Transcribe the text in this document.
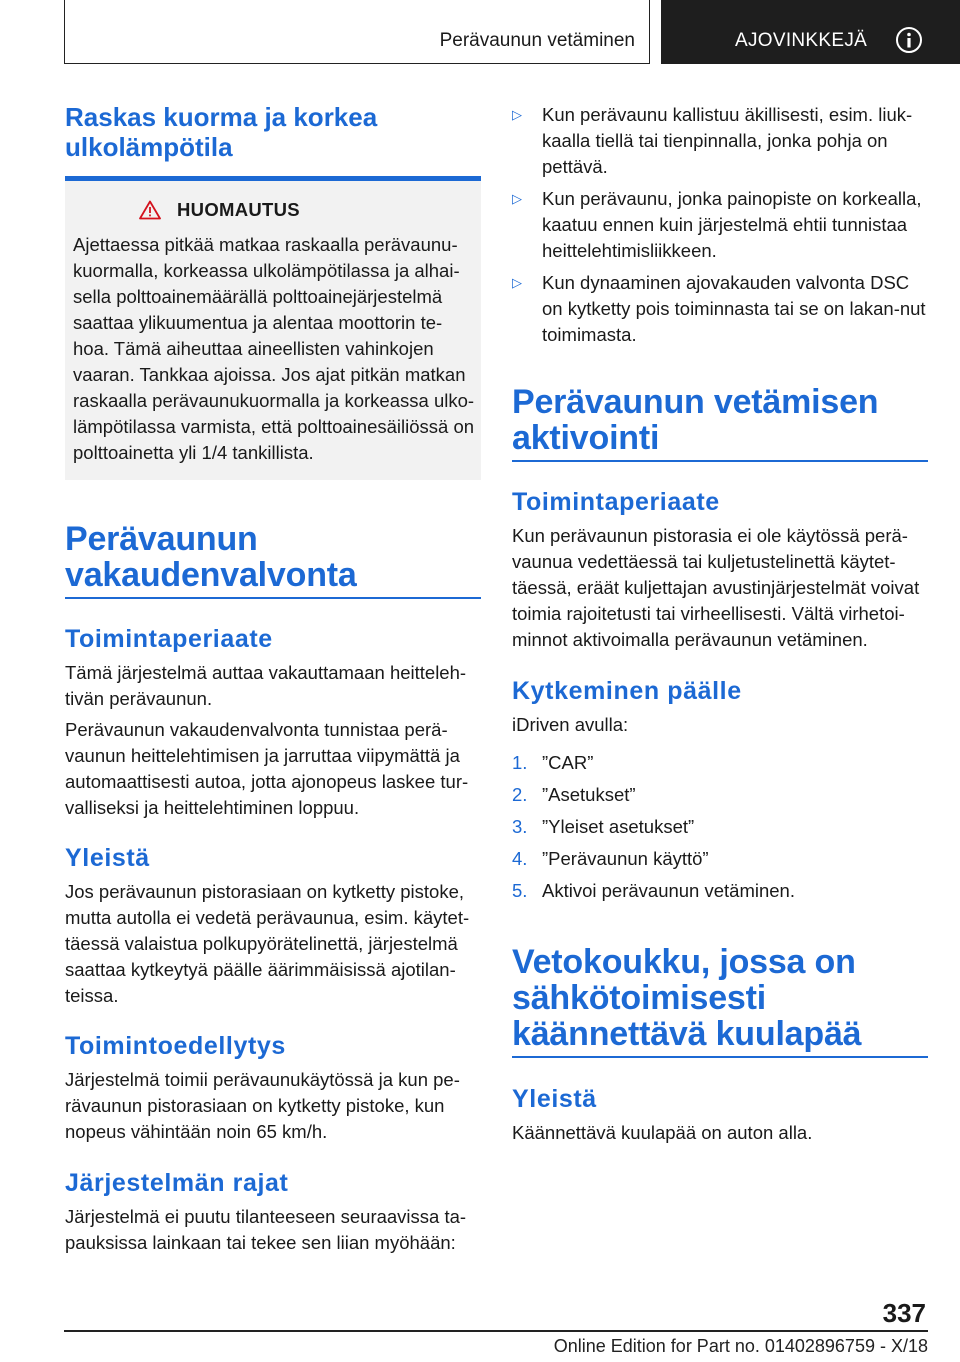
Perävaunun vetäminen	AJOVINKKEJÄ
Raskas kuorma ja korkea ulkolämpötila
HUOMAUTUS
Ajettaessa pitkää matkaa raskaalla perävaunu-kuormalla, korkeassa ulkolämpötilassa ja alhai-sella polttoainemäärällä polttoainejärjestelmä saattaa ylikuumentua ja alentaa moottorin te-hoa. Tämä aiheuttaa aineellisten vahinkojen vaaran. Tankkaa ajoissa. Jos ajat pitkän matkan raskaalla perävaunukuormalla ja korkeassa ulko-lämpötilassa varmista, että polttoainesäiliössä on polttoainetta yli 1/4 tankillista.
Perävaunun vakaudenvalvonta
Toimintaperiaate
Tämä järjestelmä auttaa vakauttamaan heitteleh-tivän perävaunun.
Perävaunun vakaudenvalvonta tunnistaa perä-vaunun heittelehtimisen ja jarruttaa viipymättä ja automaattisesti autoa, jotta ajonopeus laskee tur-valliseksi ja heittelehtiminen loppuu.
Yleistä
Jos perävaunun pistorasiaan on kytketty pistoke, mutta autolla ei vedetä perävaunua, esim. käytet-täessä valaistua polkupyörätelinettä, järjestelmä saattaa kytkeytyä päälle äärimmäisissä ajotilan-teissa.
Toimintoedellytys
Järjestelmä toimii perävaunukäytössä ja kun pe-rävaunun pistorasiaan on kytketty pistoke, kun nopeus vähintään noin 65 km/h.
Järjestelmän rajat
Järjestelmä ei puutu tilanteeseen seuraavissa ta-pauksissa lainkaan tai tekee sen liian myöhään:
▷ Kun perävaunu kallistuu äkillisesti, esim. liuk-kaalla tiellä tai tienpinnalla, jonka pohja on pettävä.
▷ Kun perävaunu, jonka painopiste on korkealla, kaatuu ennen kuin järjestelmä ehtii tunnistaa heittelehtimisliikkeen.
▷ Kun dynaaminen ajovakauden valvonta DSC on kytketty pois toiminnasta tai se on lakan-nut toimimasta.
Perävaunun vetämisen aktivointi
Toimintaperiaate
Kun perävaunun pistorasia ei ole käytössä perä-vaunua vedettäessä tai kuljetustelinettä käytet-täessä, eräät kuljettajan avustinjärjestelmät voivat toimia rajoitetusti tai virheellisesti. Vältä virhetoi-minnot aktivoimalla perävaunun vetäminen.
Kytkeminen päälle
iDriven avulla:
1. ”CAR”
2. ”Asetukset”
3. ”Yleiset asetukset”
4. ”Perävaunun käyttö”
5. Aktivoi perävaunun vetäminen.
Vetokoukku, jossa on sähkötoimisesti käännettävä kuulapää
Yleistä
Käännettävä kuulapää on auton alla.
337
Online Edition for Part no. 01402896759 - X/18
